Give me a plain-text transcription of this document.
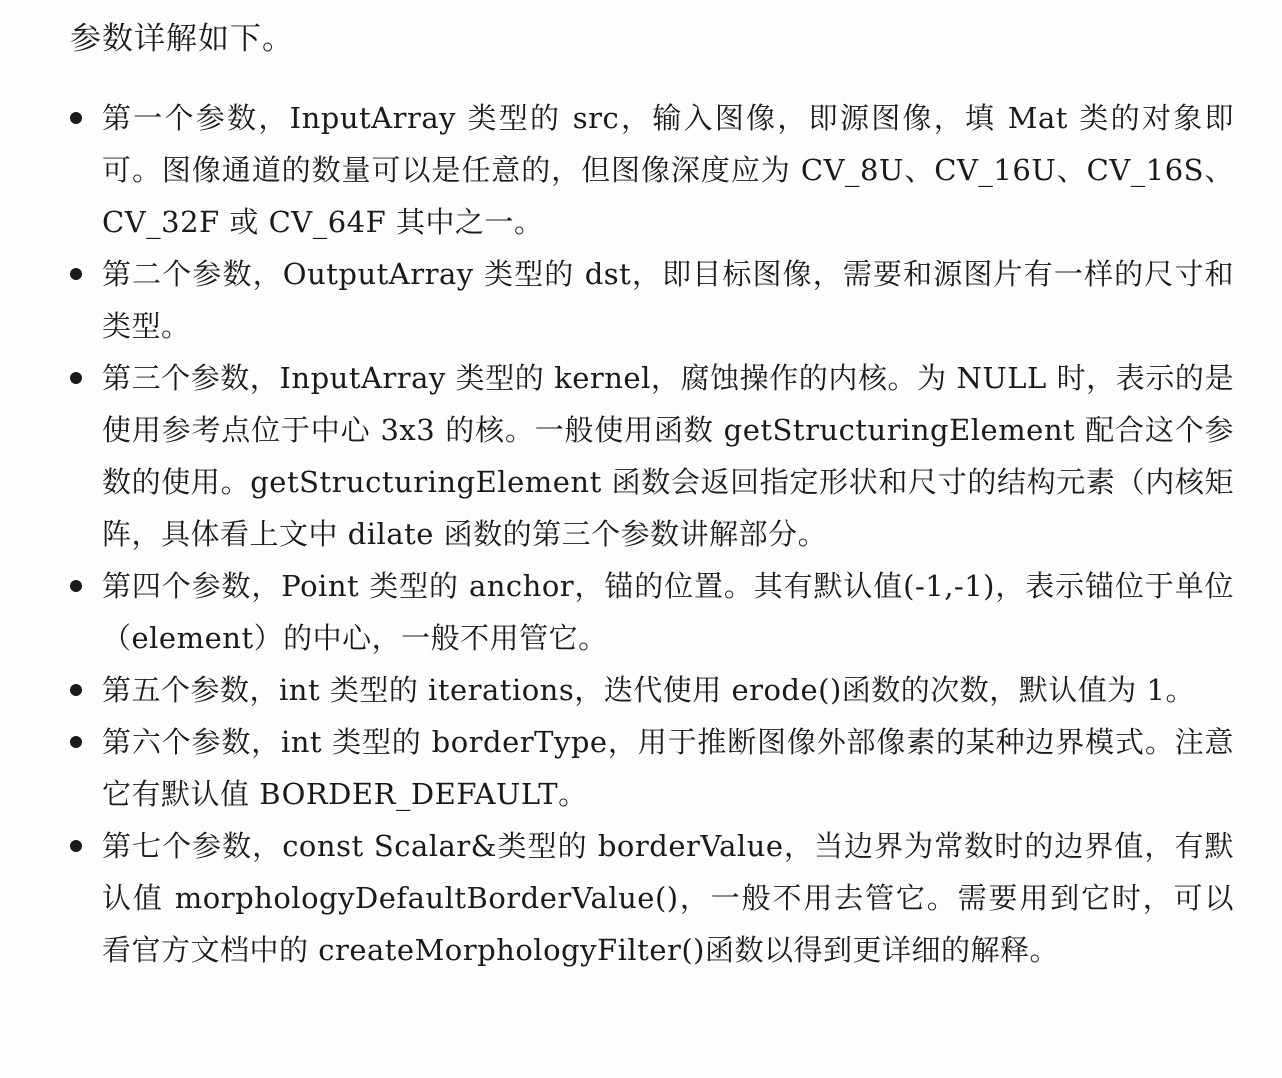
参数详解如下。

第一个参数，InputArray 类型的 src，输入图像，即源图像，填 Mat 类的对象即可。图像通道的数量可以是任意的，但图像深度应为 CV_8U、CV_16U、CV_16S、CV_32F 或 CV_64F 其中之一。
第二个参数，OutputArray 类型的 dst，即目标图像，需要和源图片有一样的尺寸和类型。
第三个参数，InputArray 类型的 kernel，腐蚀操作的内核。为 NULL 时，表示的是使用参考点位于中心 3x3 的核。一般使用函数 getStructuringElement 配合这个参数的使用。getStructuringElement 函数会返回指定形状和尺寸的结构元素（内核矩阵，具体看上文中 dilate 函数的第三个参数讲解部分。
第四个参数，Point 类型的 anchor，锚的位置。其有默认值(-1,-1)，表示锚位于单位（element）的中心，一般不用管它。
第五个参数，int 类型的 iterations，迭代使用 erode()函数的次数，默认值为 1。
第六个参数，int 类型的 borderType，用于推断图像外部像素的某种边界模式。注意它有默认值 BORDER_DEFAULT。
第七个参数，const Scalar&类型的 borderValue，当边界为常数时的边界值，有默认值 morphologyDefaultBorderValue()，一般不用去管它。需要用到它时，可以看官方文档中的 createMorphologyFilter()函数以得到更详细的解释。
